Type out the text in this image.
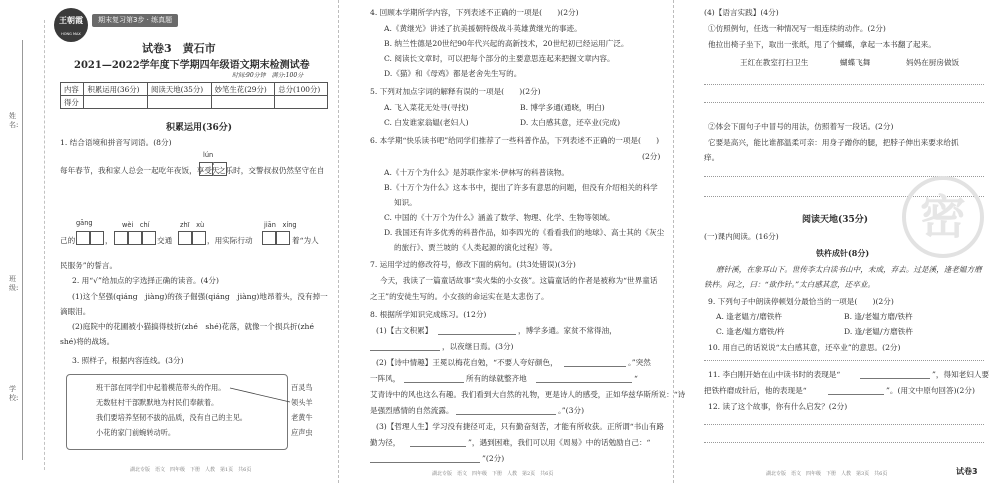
姓名:
班级:
学校:
王朝霞
HONG MAX
期末复习第3步 · 练真题
试卷3　黄石市
2021—2022学年度下学期四年级语文期末检测试卷
时间:90分钟　满分:100分
内容	积累运用(36分)	阅读天地(35分)	妙笔生花(29分)	总分(100分)
得分				
积累运用(36分)
1. 结合语境和拼音写词语。(8分)
lún
每年春节，我和家人总会一起吃年夜饭，享受天
之乐时，交警叔叔仍然坚守在自
gāng	wèi　chí	zhī　xù	jiān　xíng
己的	，	交通	，用实际行动	着“为人
民服务”的誓言。
2. 用“√”给加点的字选择正确的读音。(4分)
(1)这个坚强(qiáng　jiàng)的孩子倔强(qiáng　jiàng)地昂着头，没有掉一
滴眼泪。
(2)庭院中的花圃被小猫搞得枝折(zhé　shé)花落，就像一个损兵折(zhé
shé)将的战场。
3. 照样子，根据内容连线。(3分)
班干部在同学们中起着模范带头的作用。
无数驻村干部默默地为村民们奉献着。
我们要培养坚韧不拔的品质，没有自己的主见。
小花的家门前蜿转动听。
百灵鸟
领头羊
老黄牛
应声虫
湖北专版　语文　四年级　下册　人教　第1页　共6页
4. 回顾本学期所学内容，下列表述不正确的一项是(　　)(2分)
A.《黄继光》讲述了抗美援朝特级战斗英雄黄继光的事迹。
B. 纳兰性德是20世纪90年代兴起的高新技术，20世纪初已经运用广泛。
C. 阅读长文章时，可以把每个部分的主要意思连起来把握文章内容。
D.《猫》和《母鸡》都是老舍先生写的。
5. 下列对加点字词的解释有误的一项是(　　)(2分)
A. 飞入菜花无处寻(寻找)	B. 博学多通(通晓，明白)
C. 白发谁家翁媪(老妇人)	D. 太白感其意，还卒业(完成)
6. 本学期“快乐读书吧”给同学们推荐了一些科普作品，下列表述不正确的一项是(　　)
(2分)
A.《十万个为什么》是苏联作家米·伊林写的科普读物。
B.《十万个为什么》这本书中，提出了许多有意思的问题，但没有介绍相关的科学
知识。
C. 中国的《十万个为什么》涵盖了数学、物理、化学、生物等领域。
D. 我国还有许多优秀的科普作品，如李四光的《看看我们的地球》、高士其的《灰尘
的旅行》、贾兰坡的《人类起源的演化过程》等。
7. 运用学过的修改符号，修改下面的病句。(共3处错误)(3分)
今天，我读了一篇童话故事“卖火柴的小女孩”。这篇童话的作者是被称为“世界童话
之王”的安徒生写的。小女孩的命运实在是太悲伤了。
8. 根据所学知识完成练习。(12分)
(1)【古文积累】	，博学多通。家贫不常得油，
，以夜继日焉。(3分)
(2)【诗中情趣】王冕以梅花自勉，“不要人夸好颜色，	。”突然
一阵风，	所有的绿就整齐地	“
艾青诗中的风也这么有趣。我们看到大自然的礼物，更是诗人的感受，正如华兹华斯所说：“诗
是强烈感情的自然流露。	。”(3分)
(3)【哲理人生】学习没有捷径可走，只有勤奋刻苦，才能有所收获。正所谓“书山有路
勤为径，	”，遇到困难，我们可以用《周易》中的话勉励自己：“
”(2分)
湖北专版　语文　四年级　下册　人教　第2页　共6页
(4)【语言实践】(4分)
①仿照例句，任选一种情况写一组连续的动作。(2分)
他拉出椅子坐下，取出一张纸，甩了个蝴蝶，拿起一本书翻了起来。
王红在教室打扫卫生	蝴蝶飞舞	妈妈在厨房做饭
②体会下面句子中冒号的用法，仿照着写一段话。(2分)
它要是高兴，能比谁都温柔可亲：用身子蹭你的腿，把脖子伸出来要求给抓
痒。
密
阅读天地(35分)
(一)课内阅读。(16分)
铁杵成针(8分)
磨针溪，在象耳山下。世传李太白读书山中，未成，弃去。过是溪，逢老媪方磨
铁杵。问之，曰：“欲作针。”太白感其意，还卒业。
9. 下列句子中朗读停顿划分最恰当的一项是(　　)(2分)
A. 逢老媪方/磨铁杵	B. 逢/老媪方磨/铁杵
C. 逢老/媪方磨铁/杵	D. 逢/老媪/方磨铁杵
10. 用自己的话说说“太白感其意，还卒业”的意思。(2分)
11. 李白刚开始在山中读书时的表现是“	”，得知老妇人要
把铁杵磨成针后，他的表现是“	”。(用文中原句回答)(2分)
12. 读了这个故事，你有什么启发？(2分)
湖北专版　语文　四年级　下册　人教　第3页　共6页	试卷3
